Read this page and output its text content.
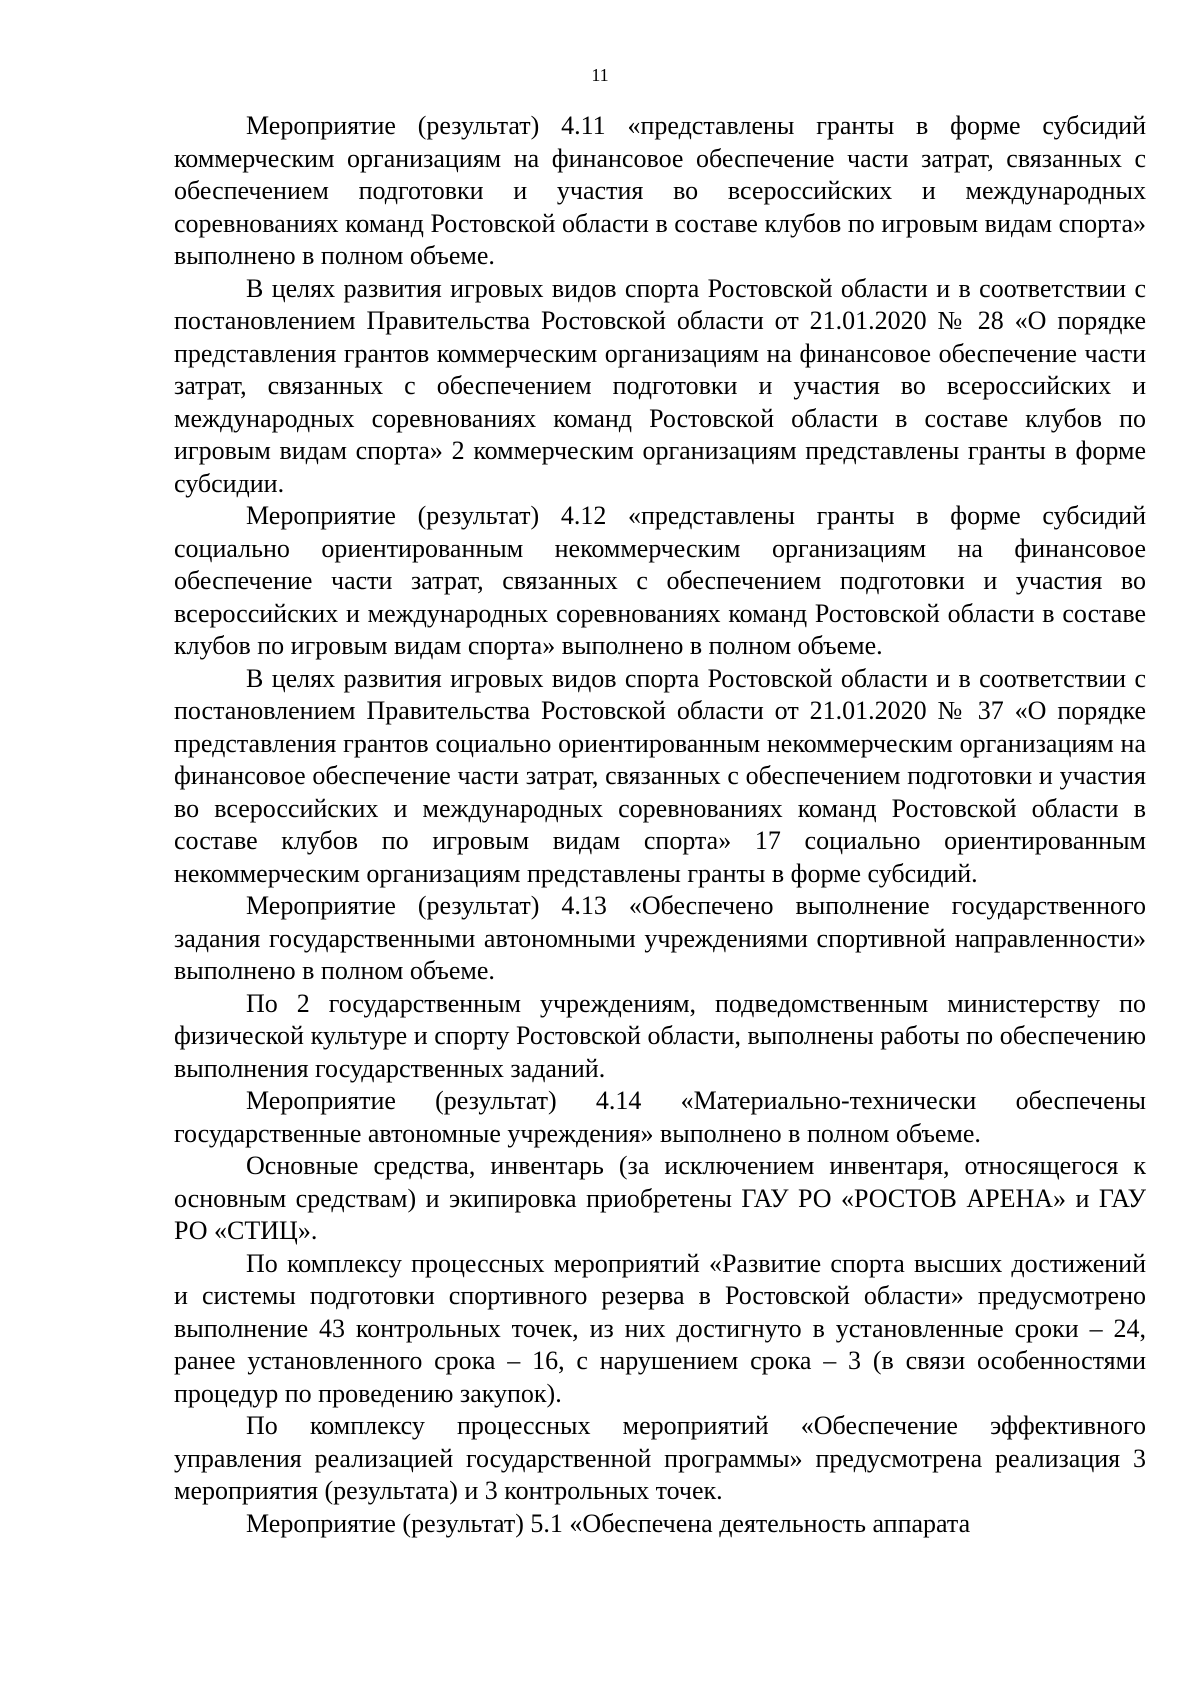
11

Мероприятие (результат) 4.11 «представлены гранты в форме субсидий коммерческим организациям на финансовое обеспечение части затрат, связанных с обеспечением подготовки и участия во всероссийских и международных соревнованиях команд Ростовской области в составе клубов по игровым видам спорта» выполнено в полном объеме.

В целях развития игровых видов спорта Ростовской области и в соответствии с постановлением Правительства Ростовской области от 21.01.2020 № 28 «О порядке представления грантов коммерческим организациям на финансовое обеспечение части затрат, связанных с обеспечением подготовки и участия во всероссийских и международных соревнованиях команд Ростовской области в составе клубов по игровым видам спорта» 2 коммерческим организациям представлены гранты в форме субсидии.

Мероприятие (результат) 4.12 «представлены гранты в форме субсидий социально ориентированным некоммерческим организациям на финансовое обеспечение части затрат, связанных с обеспечением подготовки и участия во всероссийских и международных соревнованиях команд Ростовской области в составе клубов по игровым видам спорта» выполнено в полном объеме.

В целях развития игровых видов спорта Ростовской области и в соответствии с постановлением Правительства Ростовской области от 21.01.2020 № 37 «О порядке представления грантов социально ориентированным некоммерческим организациям на финансовое обеспечение части затрат, связанных с обеспечением подготовки и участия во всероссийских и международных соревнованиях команд Ростовской области в составе клубов по игровым видам спорта» 17 социально ориентированным некоммерческим организациям представлены гранты в форме субсидий.

Мероприятие (результат) 4.13 «Обеспечено выполнение государственного задания государственными автономными учреждениями спортивной направленности» выполнено в полном объеме.

По 2 государственным учреждениям, подведомственным министерству по физической культуре и спорту Ростовской области, выполнены работы по обеспечению выполнения государственных заданий.

Мероприятие (результат) 4.14 «Материально-технически обеспечены государственные автономные учреждения» выполнено в полном объеме.

Основные средства, инвентарь (за исключением инвентаря, относящегося к основным средствам) и экипировка приобретены ГАУ РО «РОСТОВ АРЕНА» и ГАУ РО «СТИЦ».

По комплексу процессных мероприятий «Развитие спорта высших достижений и системы подготовки спортивного резерва в Ростовской области» предусмотрено выполнение 43 контрольных точек, из них достигнуто в установленные сроки – 24, ранее установленного срока – 16, с нарушением срока – 3 (в связи особенностями процедур по проведению закупок).

По комплексу процессных мероприятий «Обеспечение эффективного управления реализацией государственной программы» предусмотрена реализация 3 мероприятия (результата) и 3 контрольных точек.

Мероприятие (результат) 5.1 «Обеспечена деятельность аппарата
